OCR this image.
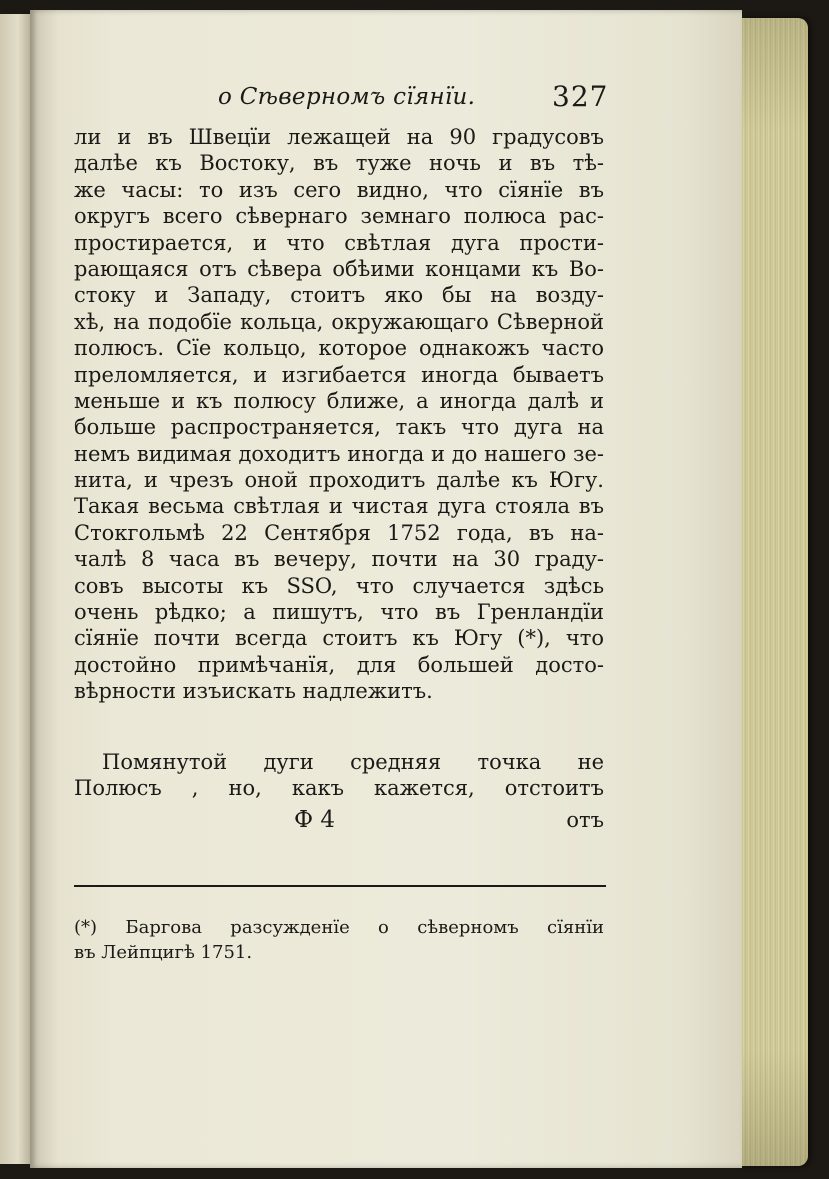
о Сѣверномъ сїянїи.	327
ли и въ Швецїи лежащей на 90 градусовъ
далѣе къ Востоку, въ туже ночь и въ тѣ-
же часы: то изъ сего видно, что сїянїе въ
округъ всего сѣвернаго земнаго полюса рас-
простирается, и что свѣтлая дуга прости-
рающаяся отъ сѣвера обѣими концами къ Во-
стоку и Западу, стоитъ яко бы на возду-
хѣ, на подобїе кольца, окружающаго Сѣверной
полюсъ. Сїе кольцо, которое однакожъ часто
преломляется, и изгибается иногда бываетъ
меньше и къ полюсу ближе, а иногда далѣ и
больше распространяется, такъ что дуга на
немъ видимая доходитъ иногда и до нашего зе-
нита, и чрезъ оной проходитъ далѣе къ Югу.
Такая весьма свѣтлая и чистая дуга стояла въ
Стокгольмѣ 22 Сентября 1752 года, въ на-
чалѣ 8 часа въ вечеру, почти на 30 граду-
совъ высоты къ SSO, что случается здѣсь
очень рѣдко; а пишутъ, что въ Гренландїи
сїянїе почти всегда стоитъ къ Югу (*), что
достойно примѣчанїя, для большей досто-
вѣрности изъискать надлежитъ.
Помянутой дуги средняя точка не
Полюсъ , но, какъ кажется, отстоитъ
Ф 4	отъ
(*) Баргова разсужденїе о сѣверномъ сїянїи
въ Лейпцигѣ 1751.
